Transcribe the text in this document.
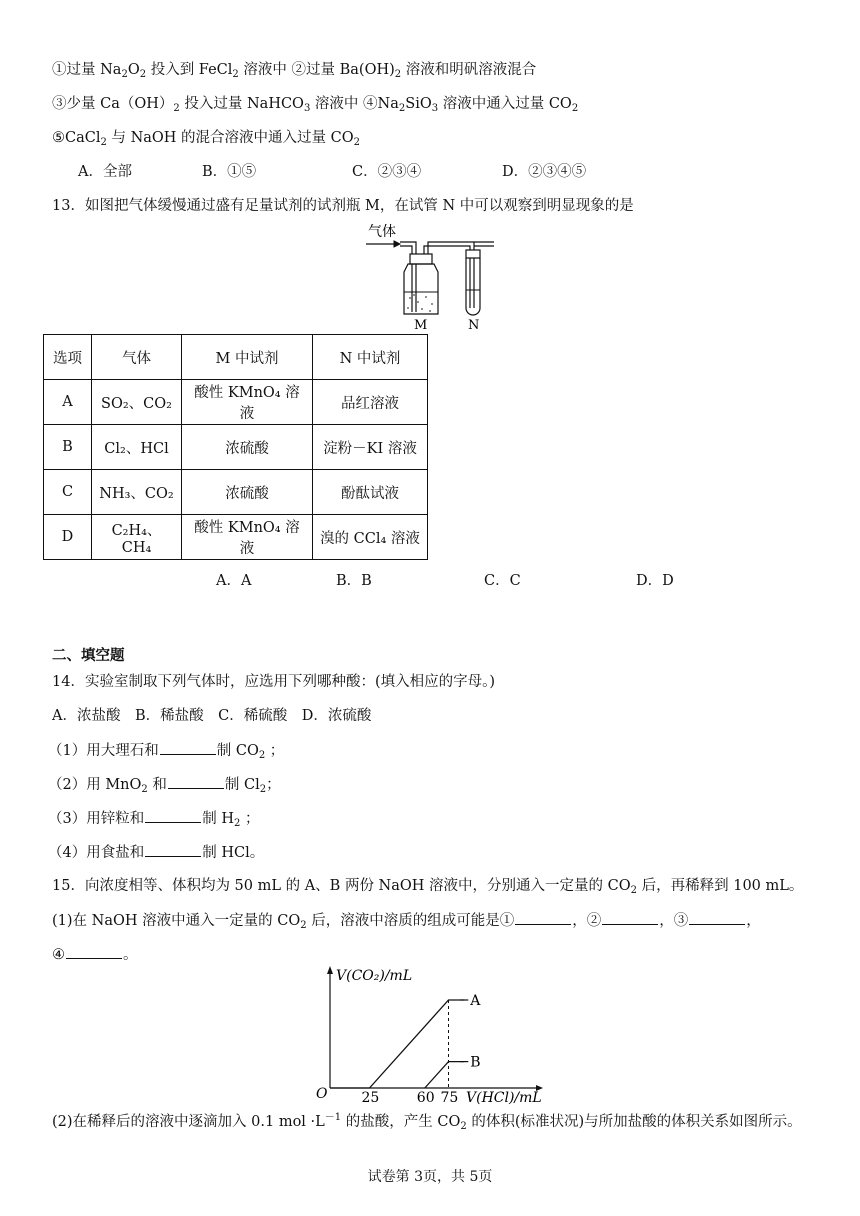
①过量 $Na_2O_2$ 投入到 FeCl$_2$ 溶液中 ②过量 $Ba(OH)_2$ 溶液和明矾溶液混合
③少量 $Ca(OH)_2$ 投入过量 NaHCO$_3$ 溶液中 $④Na_2SiO_3$ 溶液中通入过量 $CO_2$
⑤CaCl$_2$ 与 NaOH 的混合溶液中通入过量 $CO_2$
A．全部	B．①⑤	C．②③④	D．②③④⑤
13．如图把气体缓慢通过盛有足量试剂的试剂瓶 M，在试管 N 中可以观察到明显现象的是
气体
M	N
选项	气体	M 中试剂	N 中试剂
A	SO₂、CO₂	酸性 KMnO₄ 溶液	品红溶液
B	Cl₂、HCl	浓硫酸	淀粉－KI 溶液
C	NH₃、CO₂	浓硫酸	酚酞试液
D	C₂H₄、CH₄	酸性 KMnO₄ 溶液	溴的 CCl₄ 溶液
A．A	B．B	C．C	D．D
二、填空题
14．实验室制取下列气体时，应选用下列哪种酸：(填入相应的字母。)
A．浓盐酸　B．稀盐酸　C．稀硫酸　D．浓硫酸
（1）用大理石和	制 $CO_2$ ；
（2）用 MnO$_2$ 和	制 $Cl_2$；
（3）用锌粒和	制 $H_2$ ；
（4）用食盐和	制 HCl。
15．向浓度相等、体积均为 50 mL 的 A、B 两份 NaOH 溶液中，分别通入一定量的 $CO_2$ 后，再稀释到 100 mL。
(1)在 NaOH 溶液中通入一定量的 $CO_2$ 后，溶液中溶质的组成可能是①	，②	，③	，
④	。
V(CO₂)/mL
V(HCl)/mL
O 25	60 75
A
B
(2)在稀释后的溶液中逐滴加入 0.1 mol $\cdot L^{-1}$ 的盐酸，产生 $CO_2$ 的体积(标准状况)与所加盐酸的体积关系如图所示。
试卷第 3页，共 5页
